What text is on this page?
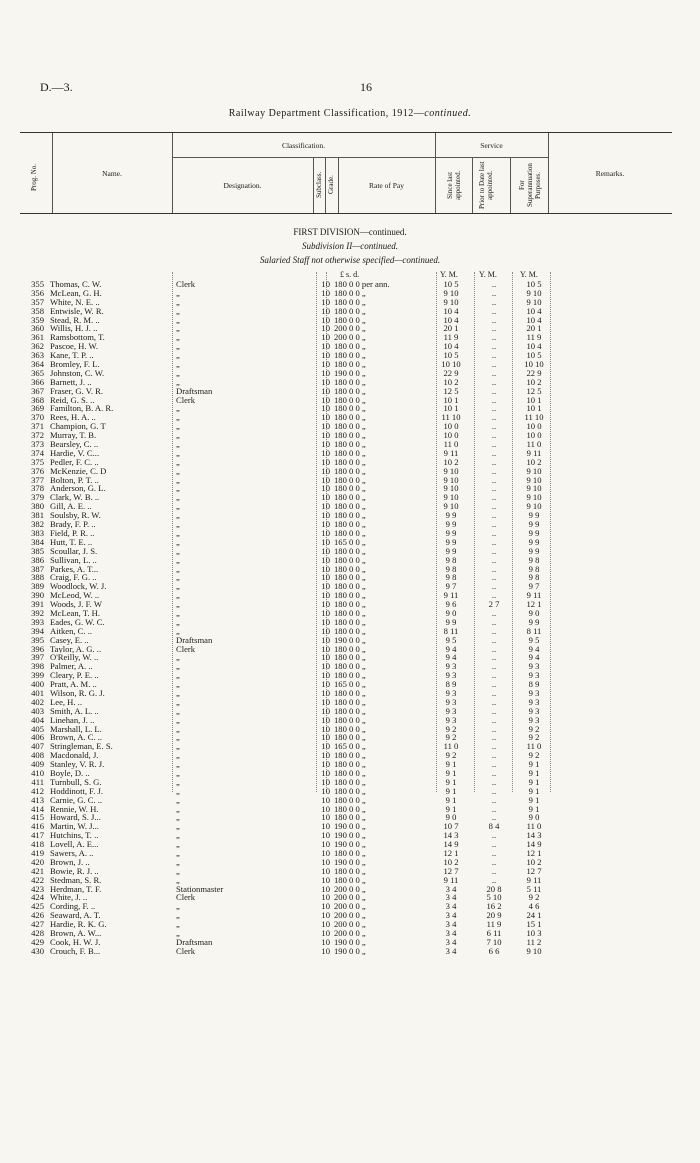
D.—3.	16
Railway Department Classification, 1912—continued.
Prog. No.	Name.
Classification.
Designation.	Subclass. Grade.	Rate of Pay
Service
Since last appointed. Prior to Date last appointed.	For Superannuation Purposes.	Remarks.
FIRST DIVISION—continued.
Subdivision II—continued.
Salaried Staff not otherwise specified—continued.
£ s. d.	Y. M.	Y. M.	Y. M.
355 Thomas, C. W.	Clerk	10 180 0 0 per ann.	10 5	..	10 5
356 McLean, G. H.	„	10 180 0 0 „	9 10	..	9 10
357 White, N. E. ..	„	10 180 0 0 „	9 10	..	9 10
358 Entwisle, W. R.	„	10 180 0 0 „	10 4	..	10 4
359 Stead, R. M. ..	„	10 180 0 0 „	10 4	..	10 4
360 Willis, H. J. ..	„	10 200 0 0 „	20 1	..	20 1
361 Ramsbottom, T.	„	10 200 0 0 „	11 9	..	11 9
362 Pascoe, H. W.	„	10 180 0 0 „	10 4	..	10 4
363 Kane, T. P. ..	„	10 180 0 0 „	10 5	..	10 5
364 Bromley, F. L.	„	10 180 0 0 „	10 10	..	10 10
365 Johnston, C. W.	„	10 190 0 0 „	22 9	..	22 9
366 Barnett, J. ..	„	10 180 0 0 „	10 2	..	10 2
367 Fraser, G. V. R.	Draftsman	10 180 0 0 „	12 5	..	12 5
368 Reid, G. S. ..	Clerk	10 180 0 0 „	10 1	..	10 1
369 Familton, B. A. R.	„	10 180 0 0 „	10 1	..	10 1
370 Rees, H. A. ..	„	10 180 0 0 „	11 10	..	11 10
371 Champion, G. T	„	10 180 0 0 „	10 0	..	10 0
372 Murray, T. B.	„	10 180 0 0 „	10 0	..	10 0
373 Bearsley, C. ..	„	10 180 0 0 „	11 0	..	11 0
374 Hardie, V. C...	„	10 180 0 0 „	9 11	..	9 11
375 Pedler, F. C. ..	„	10 180 0 0 „	10 2	..	10 2
376 McKenzie, C. D	„	10 180 0 0 „	9 10	..	9 10
377 Bolton, P. T. ..	„	10 180 0 0 „	9 10	..	9 10
378 Anderson, G. L.	„	10 180 0 0 „	9 10	..	9 10
379 Clark, W. B. ..	„	10 180 0 0 „	9 10	..	9 10
380 Gill, A. E. ..	„	10 180 0 0 „	9 10	..	9 10
381 Soulsby, R. W.	„	10 180 0 0 „	9 9	..	9 9
382 Brady, F. P. ..	„	10 180 0 0 „	9 9	..	9 9
383 Field, P. R. ..	„	10 180 0 0 „	9 9	..	9 9
384 Hutt, T. E. ..	„	10 165 0 0 „	9 9	..	9 9
385 Scoullar, J. S.	„	10 180 0 0 „	9 9	..	9 9
386 Sullivan, L. ..	„	10 180 0 0 „	9 8	..	9 8
387 Parkes, A. T...	„	10 180 0 0 „	9 8	..	9 8
388 Craig, F. G. ..	„	10 180 0 0 „	9 8	..	9 8
389 Woodlock, W. J.	„	10 180 0 0 „	9 7	..	9 7
390 McLeod, W. ..	„	10 180 0 0 „	9 11	..	9 11
391 Woods, J. F. W	„	10 180 0 0 „	9 6	2 7	12 1
392 McLean, T. H.	„	10 180 0 0 „	9 0	..	9 0
393 Eades, G. W. C.	„	10 180 0 0 „	9 9	..	9 9
394 Aitken, C. ..	„	10 180 0 0 „	8 11	..	8 11
395 Casey, E. ..	Draftsman	10 190 0 0 „	9 5	..	9 5
396 Taylor, A. G. ..	Clerk	10 180 0 0 „	9 4	..	9 4
397 O'Reilly, W. ..	„	10 180 0 0 „	9 4	..	9 4
398 Palmer, A. ..	„	10 180 0 0 „	9 3	..	9 3
399 Cleary, P. E. ..	„	10 180 0 0 „	9 3	..	9 3
400 Pratt, A. M. ..	„	10 165 0 0 „	8 9	..	8 9
401 Wilson, R. G. J.	„	10 180 0 0 „	9 3	..	9 3
402 Lee, H. ..	„	10 180 0 0 „	9 3	..	9 3
403 Smith, A. L. ..	„	10 180 0 0 „	9 3	..	9 3
404 Linehan, J. ..	„	10 180 0 0 „	9 3	..	9 3
405 Marshall, L. L.	„	10 180 0 0 „	9 2	..	9 2
406 Brown, A. C. ..	„	10 180 0 0 „	9 2	..	9 2
407 Stringleman, E. S.	„	10 165 0 0 „	11 0	..	11 0
408 Macdonald, J.	„	10 180 0 0 „	9 2	..	9 2
409 Stanley, V. R. J.	„	10 180 0 0 „	9 1	..	9 1
410 Boyle, D. ..	„	10 180 0 0 „	9 1	..	9 1
411 Turnbull, S. G.	„	10 180 0 0 „	9 1	..	9 1
412 Hoddinott, F. J.	„	10 180 0 0 „	9 1	..	9 1
413 Carnie, G. C. ..	„	10 180 0 0 „	9 1	..	9 1
414 Rennie, W. H.	„	10 180 0 0 „	9 1	..	9 1
415 Howard, S. J...	„	10 180 0 0 „	9 0	..	9 0
416 Martin, W. J...	„	10 190 0 0 „	10 7	8 4	11 0
417 Hutchins, T. ..	„	10 190 0 0 „	14 3	..	14 3
418 Lovell, A. E...	„	10 190 0 0 „	14 9	..	14 9
419 Sawers, A. ..	„	10 180 0 0 „	12 1	..	12 1
420 Brown, J. ..	„	10 190 0 0 „	10 2	..	10 2
421 Bowie, R. J. ..	„	10 180 0 0 „	12 7	..	12 7
422 Stedman, S. R.	„	10 180 0 0 „	9 11	..	9 11
423 Herdman, T. F.	Stationmaster	10 200 0 0 „	3 4	20 8	5 11
424 White, J. ..	Clerk	10 200 0 0 „	3 4	5 10	9 2
425 Cording, F. ..	„	10 200 0 0 „	3 4	16 2	4 6
426 Seaward, A. T.	„	10 200 0 0 „	3 4	20 9	24 1
427 Hardie, R. K. G.	„	10 200 0 0 „	3 4	11 9	15 1
428 Brown, A. W...	„	10 200 0 0 „	3 4	6 11	10 3
429 Cook, H. W. J.	Draftsman	10 190 0 0 „	3 4	7 10	11 2
430 Crouch, F. B...	Clerk	10 190 0 0 „	3 4	6 6	9 10
